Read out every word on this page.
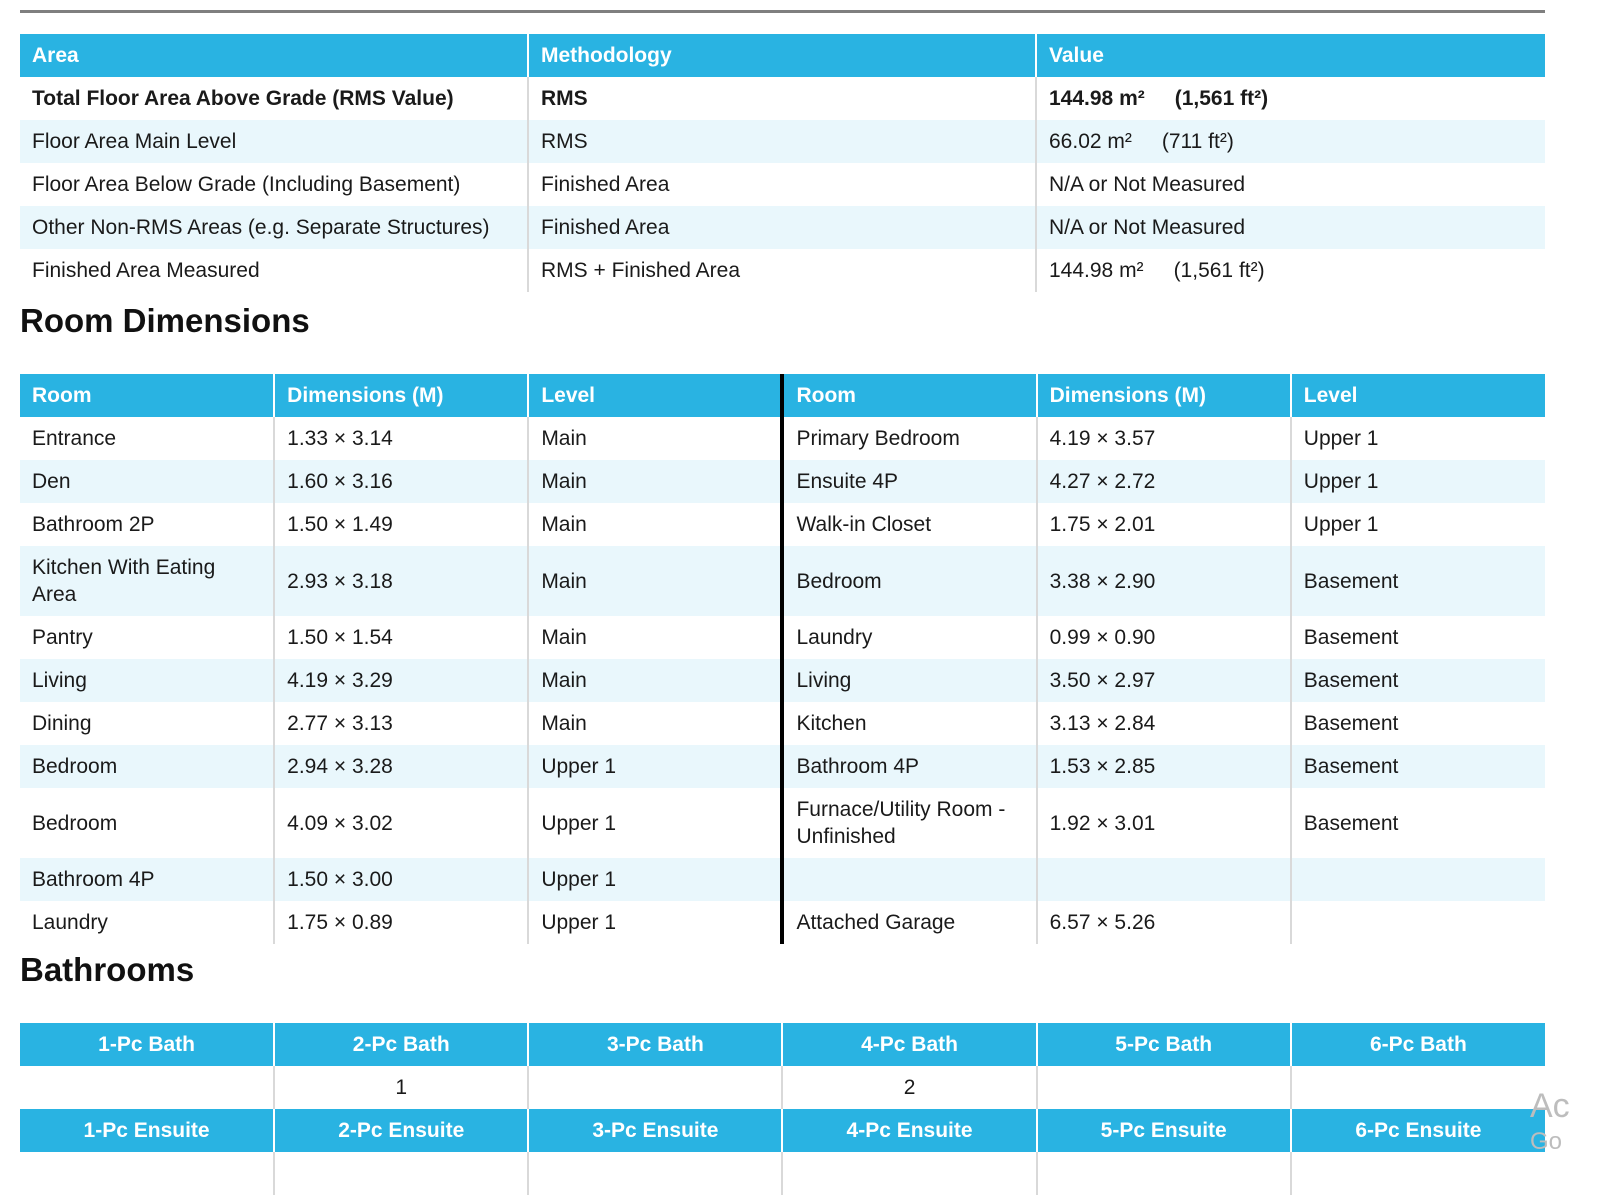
Area	Methodology	Value
Total Floor Area Above Grade (RMS Value)	RMS	144.98 m² (1,561 ft²)
Floor Area Main Level	RMS	66.02 m² (711 ft²)
Floor Area Below Grade (Including Basement)	Finished Area	N/A or Not Measured
Other Non-RMS Areas (e.g. Separate Structures)	Finished Area	N/A or Not Measured
Finished Area Measured	RMS + Finished Area	144.98 m² (1,561 ft²)
Room Dimensions
Room	Dimensions (M)	Level	Room	Dimensions (M)	Level
Entrance	1.33 × 3.14	Main	Primary Bedroom	4.19 × 3.57	Upper 1
Den	1.60 × 3.16	Main	Ensuite 4P	4.27 × 2.72	Upper 1
Bathroom 2P	1.50 × 1.49	Main	Walk-in Closet	1.75 × 2.01	Upper 1
Kitchen With Eating Area	2.93 × 3.18	Main	Bedroom	3.38 × 2.90	Basement
Pantry	1.50 × 1.54	Main	Laundry	0.99 × 0.90	Basement
Living	4.19 × 3.29	Main	Living	3.50 × 2.97	Basement
Dining	2.77 × 3.13	Main	Kitchen	3.13 × 2.84	Basement
Bedroom	2.94 × 3.28	Upper 1	Bathroom 4P	1.53 × 2.85	Basement
Bedroom	4.09 × 3.02	Upper 1	Furnace/Utility Room - Unfinished	1.92 × 3.01	Basement
Bathroom 4P	1.50 × 3.00	Upper 1			
Laundry	1.75 × 0.89	Upper 1	Attached Garage	6.57 × 5.26	
Bathrooms
1-Pc Bath	2-Pc Bath	3-Pc Bath	4-Pc Bath	5-Pc Bath	6-Pc Bath
	1		2		
1-Pc Ensuite	2-Pc Ensuite	3-Pc Ensuite	4-Pc Ensuite	5-Pc Ensuite	6-Pc Ensuite

Ac
Go
